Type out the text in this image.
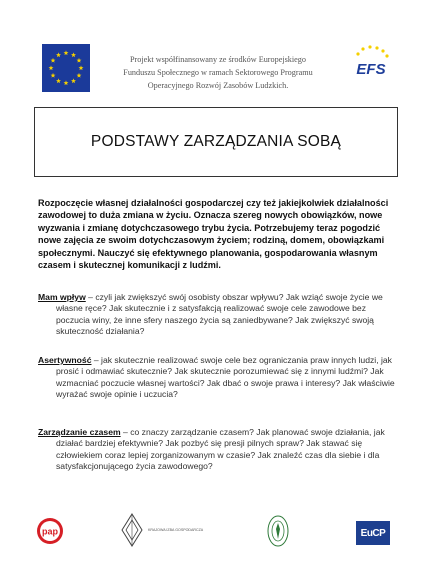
Projekt współfinansowany ze środków Europejskiego
Funduszu Społecznego w ramach Sektorowego Programu
Operacyjnego Rozwój Zasobów Ludzkich.
EFS
PODSTAWY ZARZĄDZANIA SOBĄ
Rozpoczęcie własnej działalności gospodarczej czy też jakiejkolwiek działalności zawodowej to duża zmiana w życiu. Oznacza szereg nowych obowiązków, nowe wyzwania i zmianę dotychczasowego trybu życia. Potrzebujemy teraz pogodzić nowe zajęcia ze swoim dotychczasowym życiem; rodziną, domem, obowiązkami społecznymi. Nauczyć się efektywnego planowania, gospodarowania własnym czasem i skutecznej komunikacji z ludźmi.
Mam wpływ – czyli jak zwiększyć swój osobisty obszar wpływu? Jak wziąć swoje życie we własne ręce? Jak skutecznie i z satysfakcją realizować swoje cele zawodowe bez poczucia winy, że inne sfery naszego życia są zaniedbywane? Jak zwiększyć swoją skuteczność działania?
Asertywność – jak skutecznie realizować swoje cele bez ograniczania praw innych ludzi, jak prosić i odmawiać skutecznie? Jak skutecznie porozumiewać się z innymi ludźmi? Jak wzmacniać poczucie własnej wartości? Jak dbać o swoje prawa i interesy? Jak właściwie wyrażać swoje opinie i uczucia?
Zarządzanie czasem – co znaczy zarządzanie czasem? Jak planować swoje działania, jak działać bardziej efektywnie? Jak pozbyć się presji pilnych spraw? Jak stawać się człowiekiem coraz lepiej zorganizowanym w czasie? Jak znaleźć czas dla siebie i dla satysfakcjonującego życia zawodowego?
pap	KRAJOWA IZBA GOSPODARCZA	EuCP
